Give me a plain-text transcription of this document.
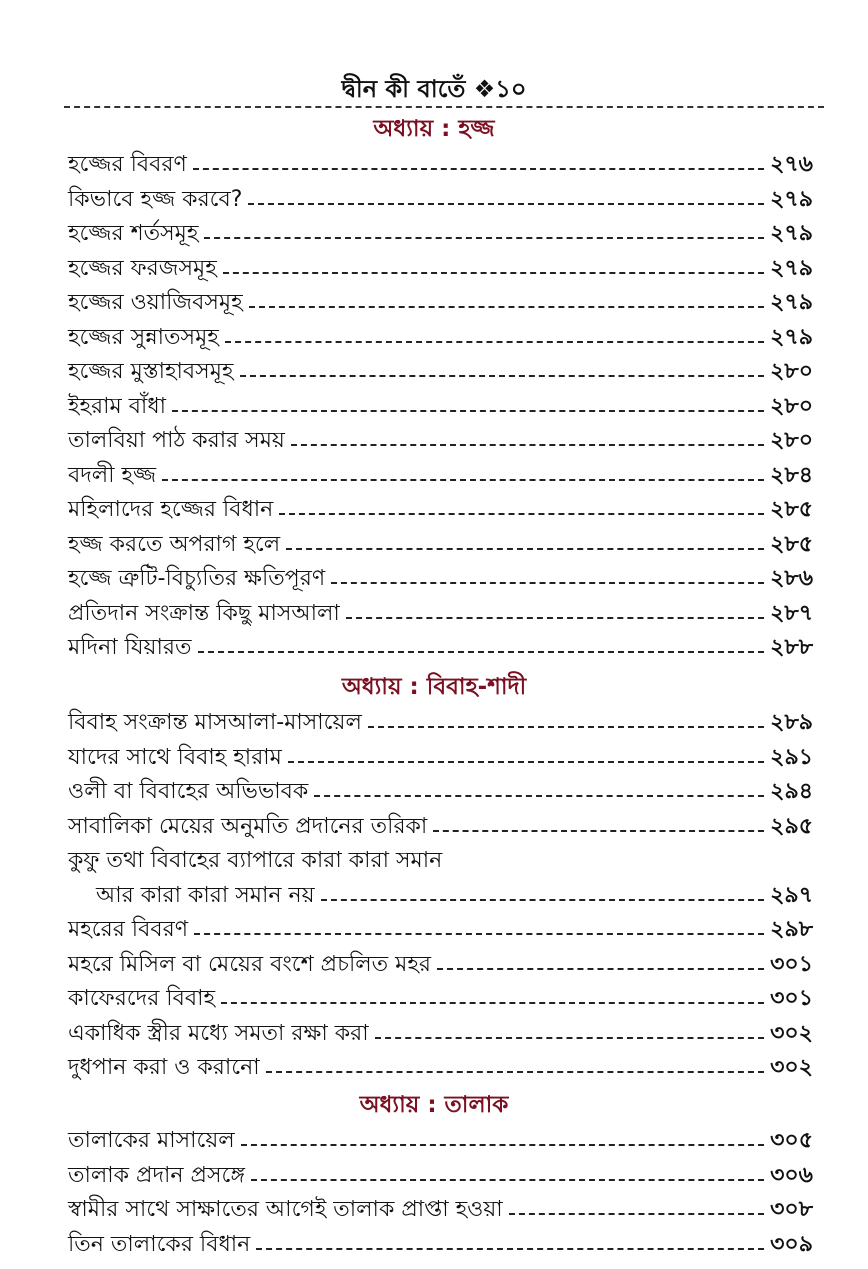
দ্বীন কী বাতেঁ ❖১০
অধ্যায় : হজ্জ
হজ্জের বিবরণ	২৭৬
কিভাবে হজ্জ করবে?	২৭৯
হজ্জের শর্তসমূহ	২৭৯
হজ্জের ফরজসমূহ	২৭৯
হজ্জের ওয়াজিবসমূহ	২৭৯
হজ্জের সুন্নাতসমূহ	২৭৯
হজ্জের মুস্তাহাবসমূহ	২৮০
ইহরাম বাঁধা	২৮০
তালবিয়া পাঠ করার সময়	২৮০
বদলী হজ্জ	২৮৪
মহিলাদের হজ্জের বিধান	২৮৫
হজ্জ করতে অপরাগ হলে	২৮৫
হজ্জে ত্রুটি-বিচ্যুতির ক্ষতিপূরণ	২৮৬
প্রতিদান সংক্রান্ত কিছু মাসআলা	২৮৭
মদিনা যিয়ারত	২৮৮
অধ্যায় : বিবাহ-শাদী
বিবাহ সংক্রান্ত মাসআলা-মাসায়েল	২৮৯
যাদের সাথে বিবাহ হারাম	২৯১
ওলী বা বিবাহের অভিভাবক	২৯৪
সাবালিকা মেয়ের অনুমতি প্রদানের তরিকা	২৯৫
কুফু তথা বিবাহের ব্যাপারে কারা কারা সমান
আর কারা কারা সমান নয়	২৯৭
মহরের বিবরণ	২৯৮
মহরে মিসিল বা মেয়ের বংশে প্রচলিত মহর	৩০১
কাফেরদের বিবাহ	৩০১
একাধিক স্ত্রীর মধ্যে সমতা রক্ষা করা	৩০২
দুধপান করা ও করানো	৩০২
অধ্যায় : তালাক
তালাকের মাসায়েল	৩০৫
তালাক প্রদান প্রসঙ্গে	৩০৬
স্বামীর সাথে সাক্ষাতের আগেই তালাক প্রাপ্তা হওয়া	৩০৮
তিন তালাকের বিধান	৩০৯
